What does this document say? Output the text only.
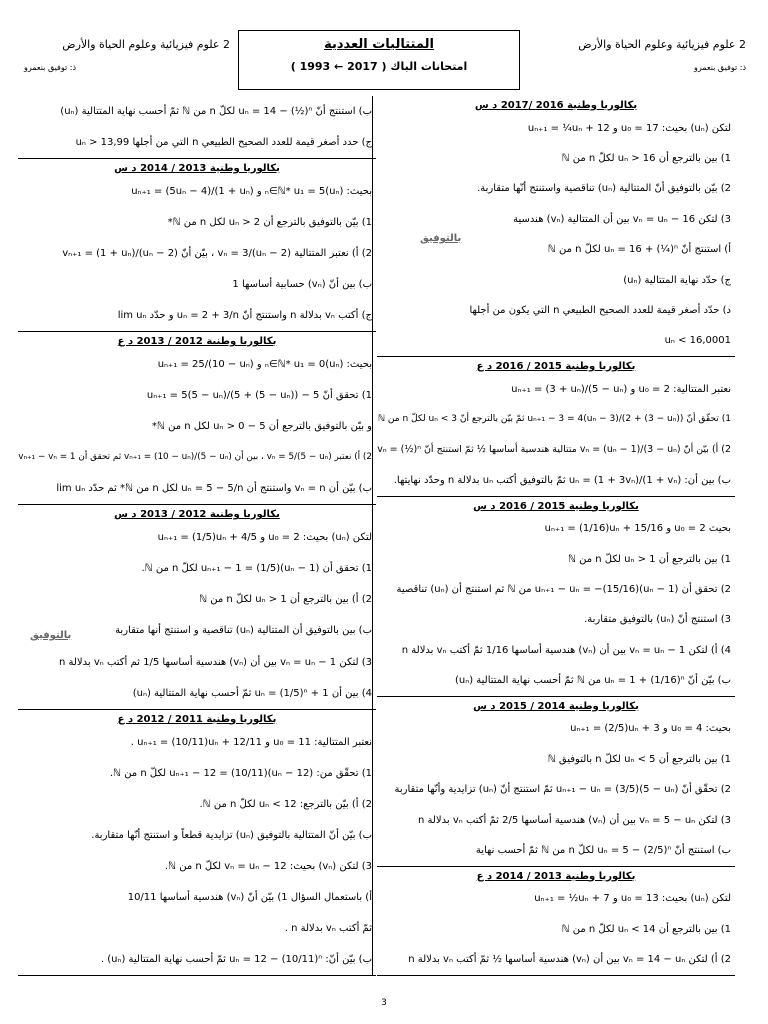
2 علوم فيزيائية وعلوم الحياة والأرض
ذ: توفيق بنعمرو
2 علوم فيزيائية وعلوم الحياة والأرض
ذ: توفيق بنعمرو
المتتاليات العددية
امتحانات الباك ( 2017 ← 1993 )
بكالوريا وطنية 2016 /2017 د س
لتكن (uₙ) بحيث: u₀ = 17 و uₙ₊₁ = ¼uₙ + 12
1) بين بالترجع أن uₙ > 16 لكلّ n من ℕ
2) بيّن بالتوفيق أنّ المتتالية (uₙ) تناقصية واستنتج أنّها متقاربة.
3) لتكن vₙ = uₙ − 16 بين أن المتتالية (vₙ) هندسية
أ) استنتج أنّ uₙ = 16 + (¼)ⁿ لكلّ n من ℕ
ج) حدّد نهاية المتتالية (uₙ)
د) حدّد أصغر قيمة للعدد الصحيح الطبيعي n التي يكون من أجلها
uₙ < 16,0001
بكالوريا وطنية 2015 / 2016 د ع
نعتبر المتتالية: u₀ = 2 و uₙ₊₁ = (3 + uₙ)/(5 − uₙ)
1) تحقّق أنّ uₙ₊₁ − 3 = 4(uₙ − 3)/(2 + (3 − uₙ)) ثمّ بيّن بالترجع أنّ uₙ < 3 لكلّ n من ℕ
2) أ) بيّن أنّ vₙ = (uₙ − 1)/(3 − uₙ) متتالية هندسية أساسها ½ ثمّ استنتج أنّ vₙ = (½)ⁿ
ب) بين أن: uₙ = (1 + 3vₙ)/(1 + vₙ) ثمّ بالتوفيق أكتب uₙ بدلالة n وحدّد نهايتها.
بكالوريا وطنية 2015 / 2016 د س
بحيث u₀ = 2 و uₙ₊₁ = (1/16)uₙ + 15/16
1) بين بالترجع أن uₙ > 1 لكلّ n من ℕ
2) تحقق أن uₙ₊₁ − uₙ = −(15/16)(uₙ − 1) من ℕ ثم استنتج أن (uₙ) تناقصية
3) استنتج أنّ (uₙ) بالتوفيق متقاربة.
4) أ) لتكن vₙ = uₙ − 1 بين أن (vₙ) هندسية أساسها 1/16 ثمّ أكتب vₙ بدلالة n
ب) بيّن أنّ uₙ = 1 + (1/16)ⁿ من ℕ ثمّ أحسب نهاية المتتالية (uₙ)
بكالوريا وطنية 2014 / 2015 د س
بحيث: u₀ = 4 و uₙ₊₁ = (2/5)uₙ + 3
1) بين بالترجع أن uₙ < 5 لكلّ n بالتوفيق ℕ
2) تحقّق أنّ uₙ₊₁ − uₙ = (3/5)(5 − uₙ) ثمّ استنتج أنّ (uₙ) تزايدية وأنّها متقاربة
3) لتكن vₙ = 5 − uₙ بين أن (vₙ) هندسية أساسها 2/5 ثمّ أكتب vₙ بدلالة n
ب) استنتج أنّ uₙ = 5 − (2/5)ⁿ لكلّ n من ℕ ثمّ أحسب نهاية
بكالوريا وطنية 2013 / 2014 د ع
لتكن (uₙ) بحيث: u₀ = 13 و uₙ₊₁ = ½uₙ + 7
1) بين بالترجع أن uₙ < 14 لكلّ n من ℕ
2) أ) لتكن vₙ = 14 − uₙ بين أن (vₙ) هندسية أساسها ½ ثمّ أكتب vₙ بدلالة n
ب) استنتج أنّ uₙ = 14 − (½)ⁿ لكلّ n من ℕ ثمّ أحسب نهاية المتتالية (uₙ)
ج) حدد أصغر قيمة للعدد الصحيح الطبيعي n التي من أجلها uₙ > 13,99
بكالوريا وطنية 2013 / 2014 د س
بحيث: (uₙ)ₙ∈ℕ* u₁ = 5 و uₙ₊₁ = (5uₙ − 4)/(1 + uₙ)
1) بيّن بالتوفيق بالترجع أن uₙ > 2 لكل n من ℕ*
2) أ) نعتبر المتتالية vₙ = 3/(uₙ − 2) ، بيّن أنّ vₙ₊₁ = (1 + uₙ)/(uₙ − 2)
ب) بين أنّ (vₙ) حسابية أساسها 1
ج) أكتب vₙ بدلالة n واستنتج أنّ uₙ = 2 + 3/n و حدّد lim uₙ
بكالوريا وطنية 2012 / 2013 د ع
بحيث: (uₙ)ₙ∈ℕ* u₁ = 0 و uₙ₊₁ = 25/(10 − uₙ)
1) تحقق أنّ 5 − uₙ₊₁ = 5(5 − uₙ)/(5 + (5 − uₙ))
و بيّن بالتوفيق بالترجع أن 5 − uₙ > 0 لكل n من ℕ*
2) أ) نعتبر vₙ = 5/(5 − uₙ) ، بين أن vₙ₊₁ = (10 − uₙ)/(5 − uₙ) ثم تحقق أن vₙ₊₁ − vₙ = 1
ب) بيّن أن vₙ = n واستنتج أن uₙ = 5 − 5/n لكل n من ℕ* ثم حدّد lim uₙ
بكالوريا وطنية 2012 / 2013 د س
لتكن (uₙ) بحيث: u₀ = 2 و uₙ₊₁ = (1/5)uₙ + 4/5
1) تحقق أن uₙ₊₁ − 1 = (1/5)(uₙ − 1) لكلّ n من ℕ.
2) أ) بين بالترجع أن uₙ > 1 لكلّ n من ℕ
ب) بين بالتوفيق أن المتتالية (uₙ) تناقصية و استنتج أنها متقاربة
3) لتكن vₙ = uₙ − 1 بين أن (vₙ) هندسية أساسها 1/5 ثم أكتب vₙ بدلالة n
4) بين أن uₙ = (1/5)ⁿ + 1 ثمّ أحسب نهاية المتتالية (uₙ)
بكالوريا وطنية 2011 / 2012 د ع
نعتبر المتتالية: u₀ = 11 و uₙ₊₁ = (10/11)uₙ + 12/11 .
1) تحقّق من: uₙ₊₁ − 12 = (10/11)(uₙ − 12) لكلّ n من ℕ.
2) أ) بيّن بالترجع: uₙ < 12 لكلّ n من ℕ.
ب) بيّن أنّ المتتالية بالتوفيق (uₙ) تزايدية قطعاً و استنتج أنّها متقاربة.
3) لتكن (vₙ) بحيث: vₙ = uₙ − 12 لكلّ n من ℕ.
أ) باستعمال السؤال 1) بيّن أنّ (vₙ) هندسية أساسها 10/11
ثمّ أكتب vₙ بدلالة n .
ب) بيّن أنّ: uₙ = 12 − (10/11)ⁿ ثمّ أحسب نهاية المتتالية (uₙ) .
بالتوفيق
بالتوفيق
3
